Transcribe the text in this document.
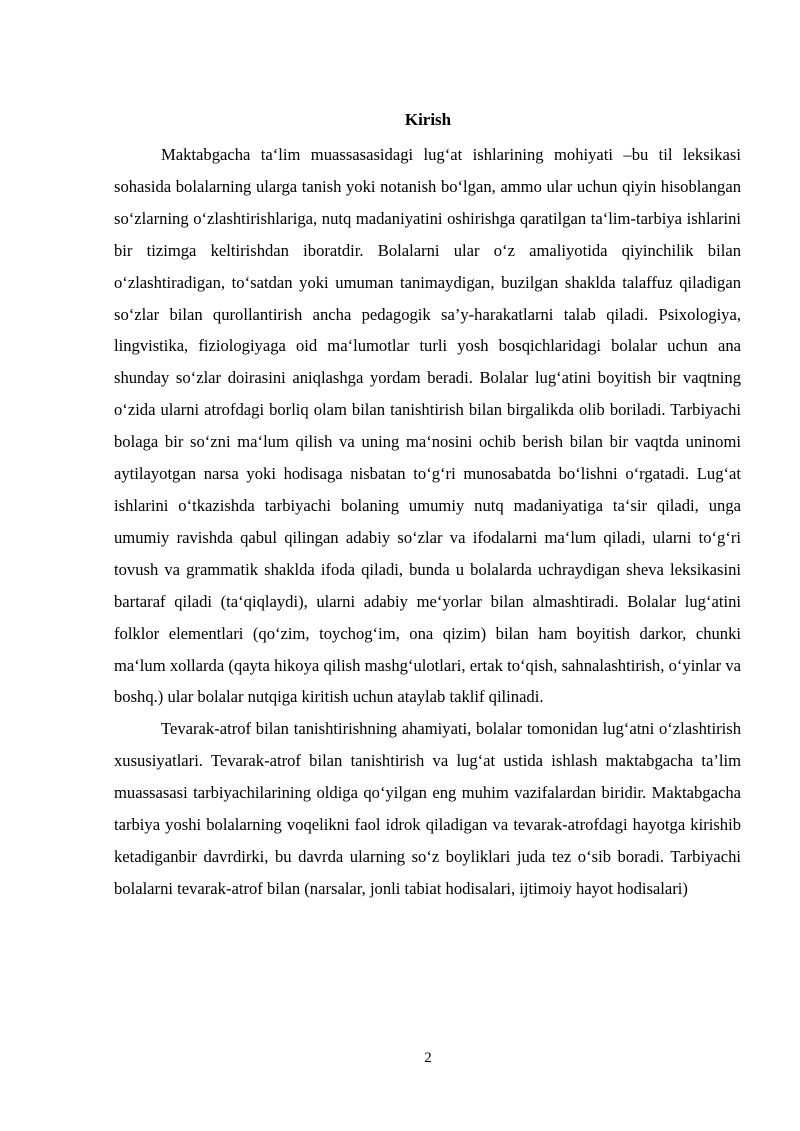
Kirish

Maktabgacha ta‘lim muassasasidagi lug‘at ishlarining mohiyati –bu til leksikasi sohasida bolalarning ularga tanish yoki notanish bo‘lgan, ammo ular uchun qiyin hisoblangan so‘zlarning o‘zlashtirishlariga, nutq madaniyatini oshirishga qaratilgan ta‘lim-tarbiya ishlarini bir tizimga keltirishdan iboratdir. Bolalarni ular o‘z amaliyotida qiyinchilik bilan o‘zlashtiradigan, to‘satdan yoki umuman tanimaydigan, buzilgan shaklda talaffuz qiladigan so‘zlar bilan qurollantirish ancha pedagogik sa’y-harakatlarni talab qiladi. Psixologiya, lingvistika, fiziologiyaga oid ma‘lumotlar turli yosh bosqichlaridagi bolalar uchun ana shunday so‘zlar doirasini aniqlashga yordam beradi. Bolalar lug‘atini boyitish bir vaqtning o‘zida ularni atrofdagi borliq olam bilan tanishtirish bilan birgalikda olib boriladi. Tarbiyachi bolaga bir so‘zni ma‘lum qilish va uning ma‘nosini ochib berish bilan bir vaqtda uninomi aytilayotgan narsa yoki hodisaga nisbatan to‘g‘ri munosabatda bo‘lishni o‘rgatadi. Lug‘at ishlarini o‘tkazishda tarbiyachi bolaning umumiy nutq madaniyatiga ta‘sir qiladi, unga umumiy ravishda qabul qilingan adabiy so‘zlar va ifodalarni ma‘lum qiladi, ularni to‘g‘ri tovush va grammatik shaklda ifoda qiladi, bunda u bolalarda uchraydigan sheva leksikasini bartaraf qiladi (ta‘qiqlaydi), ularni adabiy me‘yorlar bilan almashtiradi. Bolalar lug‘atini folklor elementlari (qo‘zim, toychog‘im, ona qizim) bilan ham boyitish darkor, chunki ma‘lum xollarda (qayta hikoya qilish mashg‘ulotlari, ertak to‘qish, sahnalashtirish, o‘yinlar va boshq.) ular bolalar nutqiga kiritish uchun ataylab taklif qilinadi.

Tevarak-atrof bilan tanishtirishning ahamiyati, bolalar tomonidan lug‘atni o‘zlashtirish xususiyatlari. Tevarak-atrof bilan tanishtirish va lug‘at ustida ishlash maktabgacha ta’lim muassasasi tarbiyachilarining oldiga qo‘yilgan eng muhim vazifalardan biridir. Maktabgacha tarbiya yoshi bolalarning voqelikni faol idrok qiladigan va tevarak-atrofdagi hayotga kirishib ketadiganbir davrdirki, bu davrda ularning so‘z boyliklari juda tez o‘sib boradi. Tarbiyachi bolalarni tevarak-atrof bilan (narsalar, jonli tabiat hodisalari, ijtimoiy hayot hodisalari)

2
